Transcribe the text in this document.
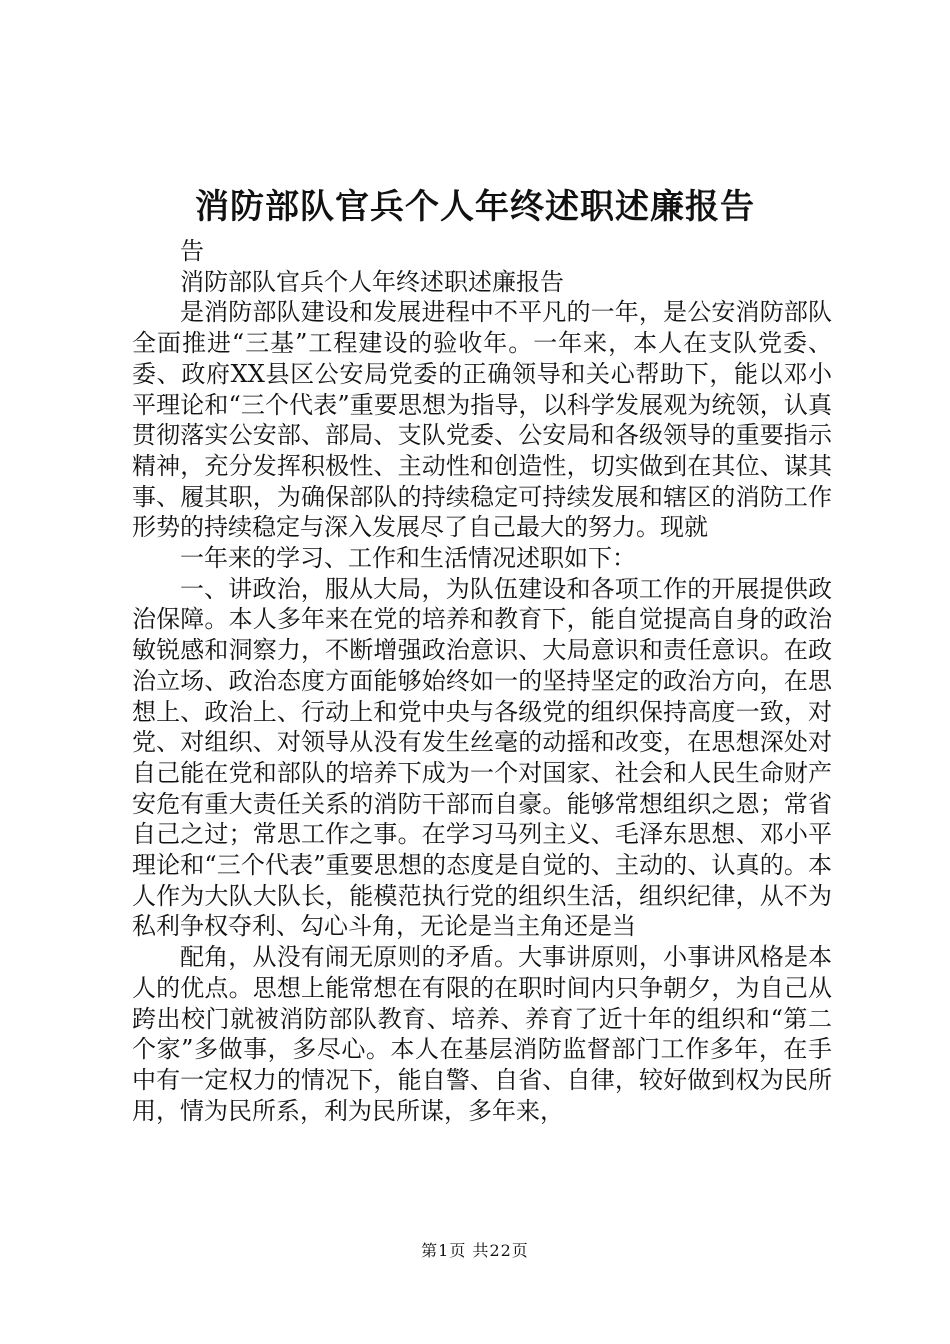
消防部队官兵个人年终述职述廉报告

告

消防部队官兵个人年终述职述廉报告

是消防部队建设和发展进程中不平凡的一年，是公安消防部队全面推进“三基”工程建设的验收年。一年来，本人在支队党委、委、政府XX县区公安局党委的正确领导和关心帮助下，能以邓小平理论和“三个代表”重要思想为指导，以科学发展观为统领，认真贯彻落实公安部、部局、支队党委、公安局和各级领导的重要指示精神，充分发挥积极性、主动性和创造性，切实做到在其位、谋其事、履其职，为确保部队的持续稳定可持续发展和辖区的消防工作形势的持续稳定与深入发展尽了自己最大的努力。现就

一年来的学习、工作和生活情况述职如下：

一、讲政治，服从大局，为队伍建设和各项工作的开展提供政治保障。本人多年来在党的培养和教育下，能自觉提高自身的政治敏锐感和洞察力，不断增强政治意识、大局意识和责任意识。在政治立场、政治态度方面能够始终如一的坚持坚定的政治方向，在思想上、政治上、行动上和党中央与各级党的组织保持高度一致，对党、对组织、对领导从没有发生丝毫的动摇和改变，在思想深处对自己能在党和部队的培养下成为一个对国家、社会和人民生命财产安危有重大责任关系的消防干部而自豪。能够常想组织之恩；常省自己之过；常思工作之事。在学习马列主义、毛泽东思想、邓小平理论和“三个代表”重要思想的态度是自觉的、主动的、认真的。本人作为大队大队长，能模范执行党的组织生活，组织纪律，从不为私利争权夺利、勾心斗角，无论是当主角还是当

配角，从没有闹无原则的矛盾。大事讲原则，小事讲风格是本人的优点。思想上能常想在有限的在职时间内只争朝夕，为自己从跨出校门就被消防部队教育、培养、养育了近十年的组织和“第二个家”多做事，多尽心。本人在基层消防监督部门工作多年，在手中有一定权力的情况下，能自警、自省、自律，较好做到权为民所用，情为民所系，利为民所谋，多年来，

第1页 共22页
